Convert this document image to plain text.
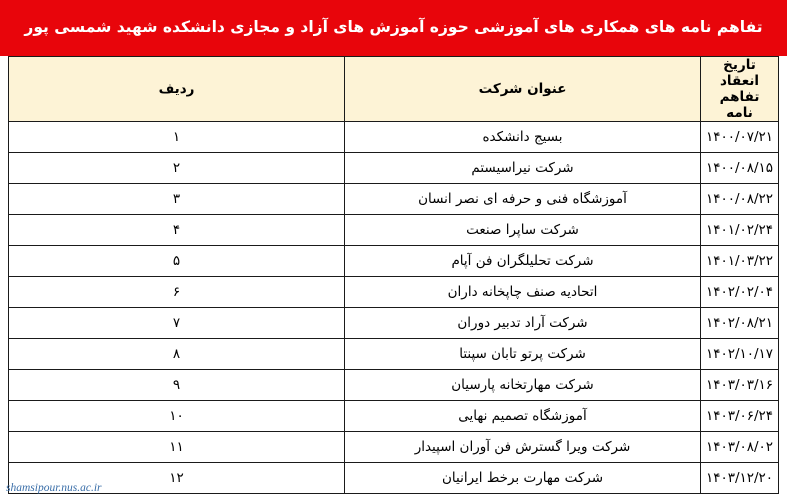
تفاهم نامه های همکاری های آموزشی حوزه آموزش های آزاد و مجازی دانشکده شهید شمسی پور
تاریخ انعقاد تفاهم نامه	عنوان شرکت	ردیف
۱۴۰۰/۰۷/۲۱	بسیج دانشکده	۱
۱۴۰۰/۰۸/۱۵	شرکت نیراسیستم	۲
۱۴۰۰/۰۸/۲۲	آموزشگاه فنی و حرفه ای نصر انسان	۳
۱۴۰۱/۰۲/۲۴	شرکت ساپرا صنعت	۴
۱۴۰۱/۰۳/۲۲	شرکت تحلیلگران فن آپام	۵
۱۴۰۲/۰۲/۰۴	اتحادیه صنف چاپخانه داران	۶
۱۴۰۲/۰۸/۲۱	شرکت آراد تدبیر دوران	۷
۱۴۰۲/۱۰/۱۷	شرکت پرتو تابان سپنتا	۸
۱۴۰۳/۰۳/۱۶	شرکت مهارتخانه پارسیان	۹
۱۴۰۳/۰۶/۲۴	آموزشگاه تصمیم نهایی	۱۰
۱۴۰۳/۰۸/۰۲	شرکت ویرا گسترش فن آوران اسپیدار	۱۱
۱۴۰۳/۱۲/۲۰	شرکت مهارت برخط ایرانیان	۱۲
shamsipour.nus.ac.ir
